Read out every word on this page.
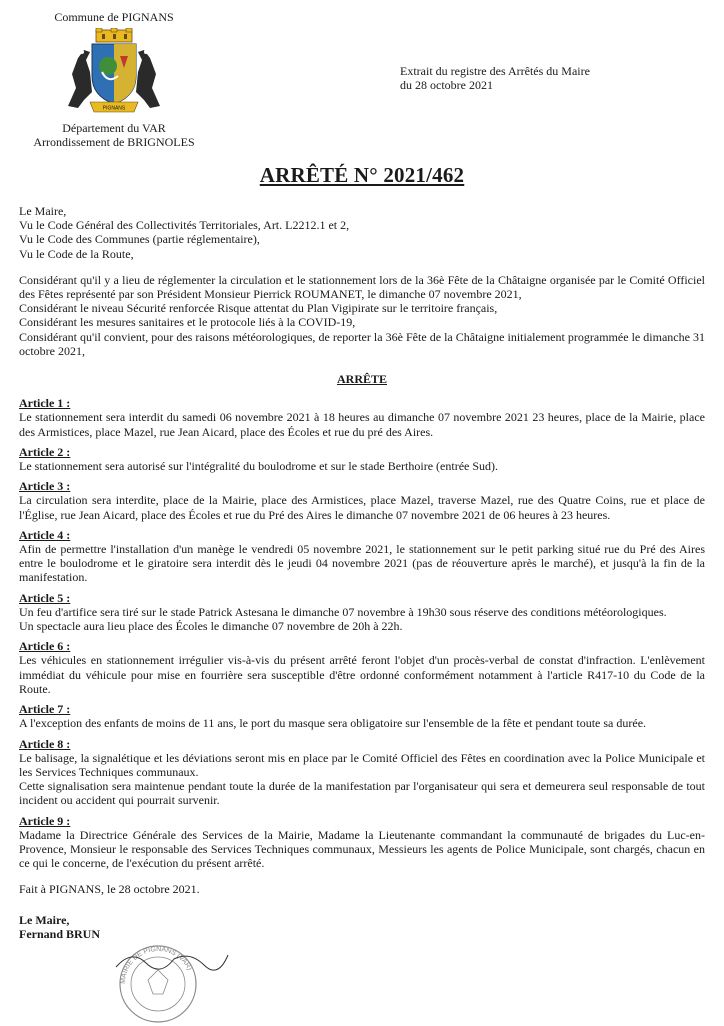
Commune de PIGNANS
PIGNANS
Département du VAR
Arrondissement de BRIGNOLES
Extrait du registre des Arrêtés du Maire
du 28 octobre 2021
ARRÊTÉ N° 2021/462

Le Maire,

Vu le Code Général des Collectivités Territoriales, Art. L2212.1 et 2,

Vu le Code des Communes (partie réglementaire),

Vu le Code de la Route,

Considérant qu'il y a lieu de réglementer la circulation et le stationnement lors de la 36è Fête de la Châtaigne organisée par le Comité Officiel des Fêtes représenté par son Président Monsieur Pierrick ROUMANET, le dimanche 07 novembre 2021,

Considérant le niveau Sécurité renforcée Risque attentat du Plan Vigipirate sur le territoire français,

Considérant les mesures sanitaires et le protocole liés à la COVID-19,

Considérant qu'il convient, pour des raisons météorologiques, de reporter la 36è Fête de la Châtaigne initialement programmée le dimanche 31 octobre 2021,

ARRÊTE

Article 1 :

Le stationnement sera interdit du samedi 06 novembre 2021 à 18 heures au dimanche 07 novembre 2021 23 heures, place de la Mairie, place des Armistices, place Mazel, rue Jean Aicard, place des Écoles et rue du pré des Aires.

Article 2 :

Le stationnement sera autorisé sur l'intégralité du boulodrome et sur le stade Berthoire (entrée Sud).

Article 3 :

La circulation sera interdite, place de la Mairie, place des Armistices, place Mazel, traverse Mazel, rue des Quatre Coins, rue et place de l'Église, rue Jean Aicard, place des Écoles et rue du Pré des Aires le dimanche 07 novembre 2021 de 06 heures à 23 heures.

Article 4 :

Afin de permettre l'installation d'un manège le vendredi 05 novembre 2021, le stationnement sur le petit parking situé rue du Pré des Aires entre le boulodrome et le giratoire sera interdit dès le jeudi 04 novembre 2021 (pas de réouverture après le marché), et jusqu'à la fin de la manifestation.

Article 5 :

Un feu d'artifice sera tiré sur le stade Patrick Astesana le dimanche 07 novembre à 19h30 sous réserve des conditions météorologiques.

Un spectacle aura lieu place des Écoles le dimanche 07 novembre de 20h à 22h.

Article 6 :

Les véhicules en stationnement irrégulier vis-à-vis du présent arrêté feront l'objet d'un procès-verbal de constat d'infraction. L'enlèvement immédiat du véhicule pour mise en fourrière sera susceptible d'être ordonné conformément notamment à l'article R417-10 du Code de la Route.

Article 7 :

A l'exception des enfants de moins de 11 ans, le port du masque sera obligatoire sur l'ensemble de la fête et pendant toute sa durée.

Article 8 :

Le balisage, la signalétique et les déviations seront mis en place par le Comité Officiel des Fêtes en coordination avec la Police Municipale et les Services Techniques communaux.

Cette signalisation sera maintenue pendant toute la durée de la manifestation par l'organisateur qui sera et demeurera seul responsable de tout incident ou accident qui pourrait survenir.

Article 9 :

Madame la Directrice Générale des Services de la Mairie, Madame la Lieutenante commandant la communauté de brigades du Luc-en-Provence, Monsieur le responsable des Services Techniques communaux, Messieurs les agents de Police Municipale, sont chargés, chacun en ce qui le concerne, de l'exécution du présent arrêté.

Fait à PIGNANS, le 28 octobre 2021.

Le Maire,

Fernand BRUN

MAIRIE DE PIGNANS (VAR)
